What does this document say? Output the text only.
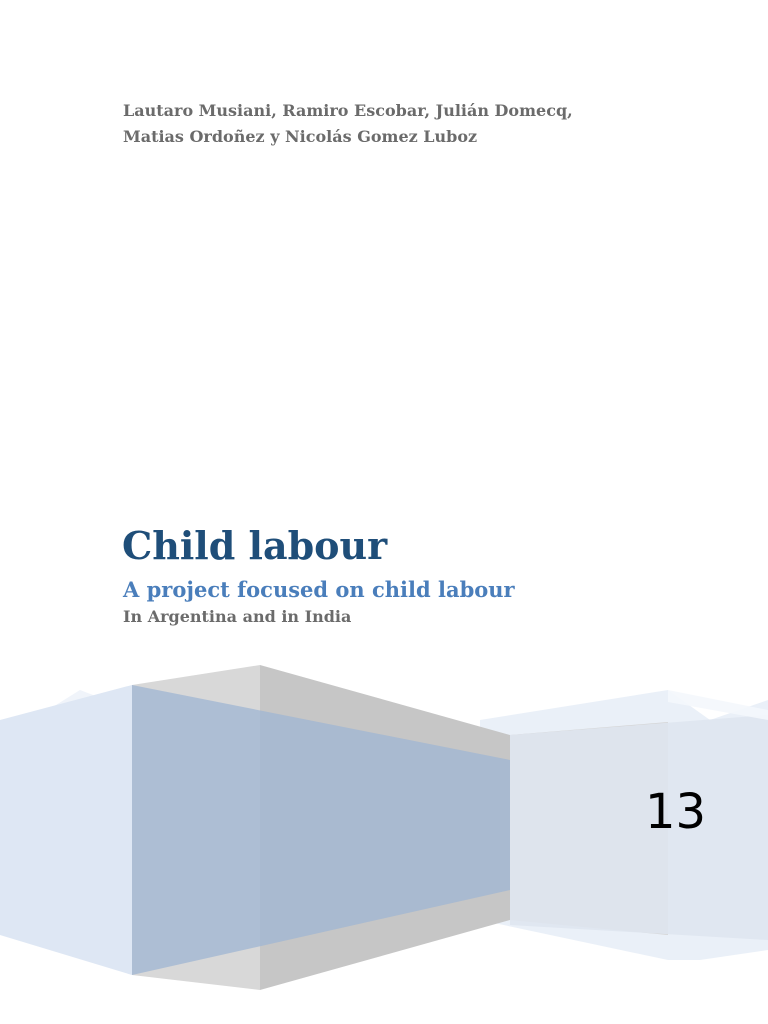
Lautaro Musiani, Ramiro Escobar, Julián Domecq,
Matias Ordoñez y Nicolás Gomez Luboz
Child labour
A project focused on child labour
In Argentina and in India
13
